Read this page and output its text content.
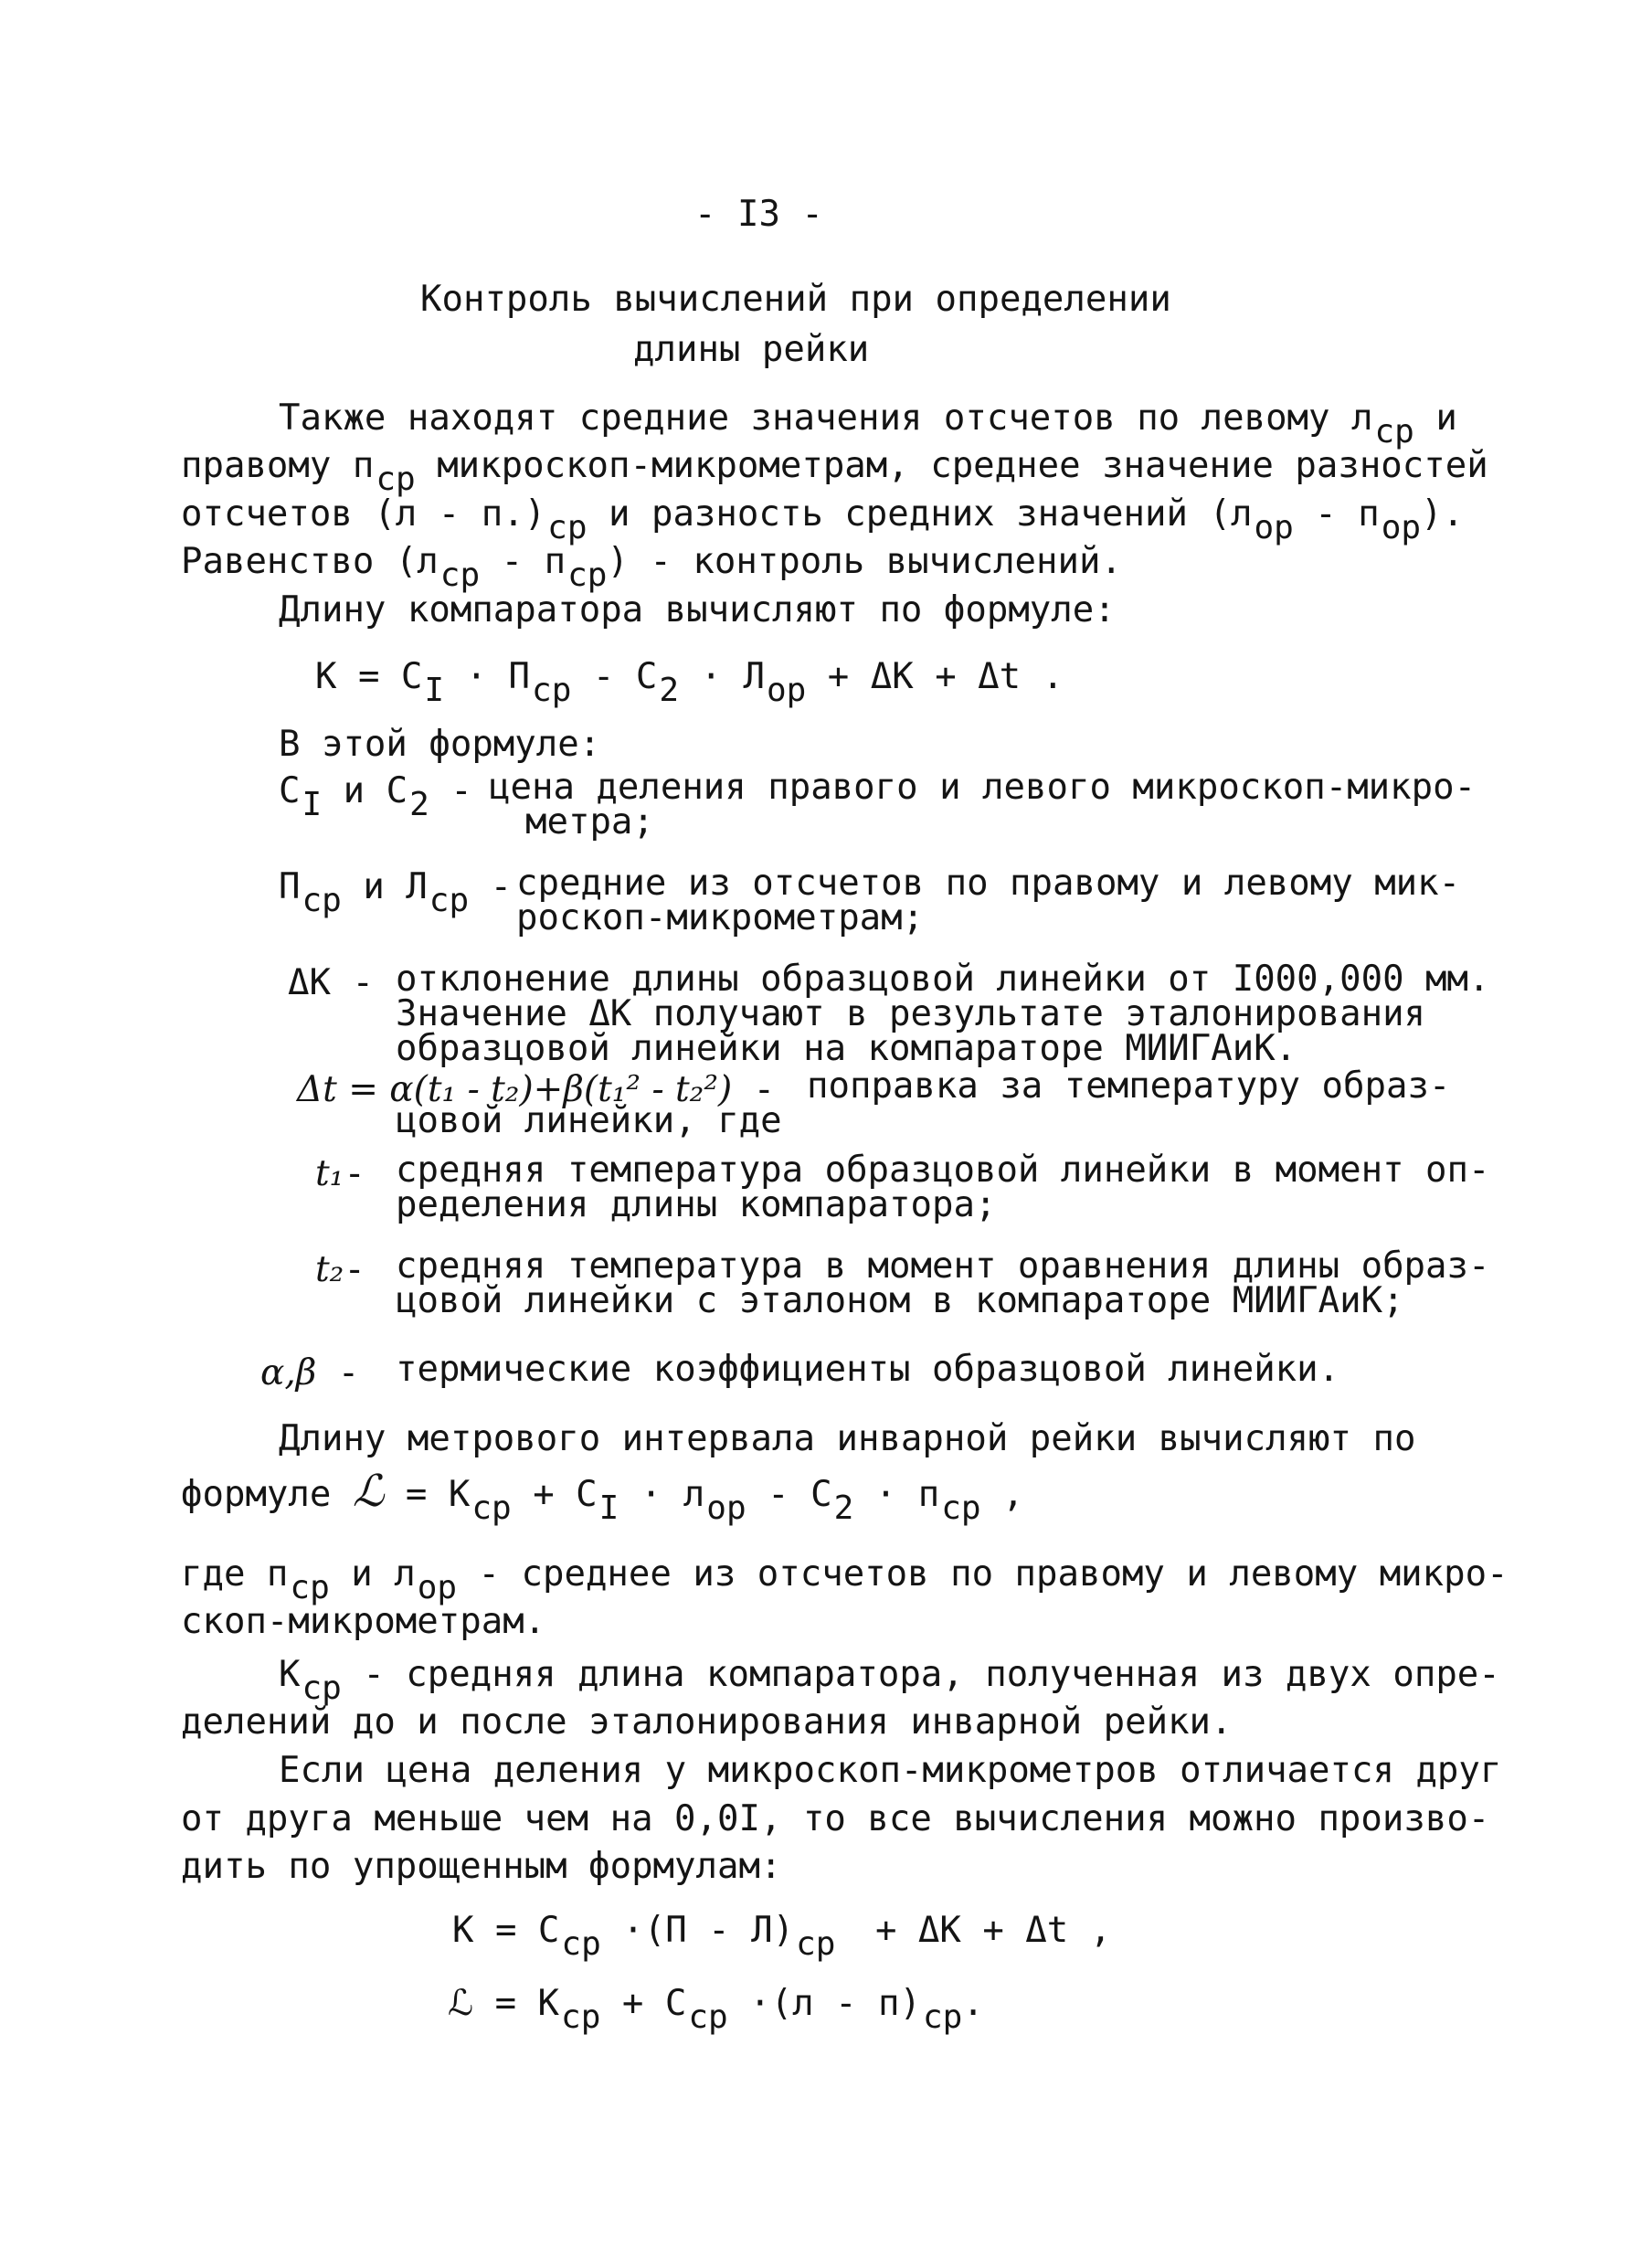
- I3 -
Контроль вычислений при определении
длины рейки
Также находят средние значения отсчетов по левому лср и
правому пср микроскоп-микрометрам, среднее значение разностей
отсчетов (л - п.)ср и разность средних значений (лор - пор).
Равенство (лср - пср) - контроль вычислений.
Длину компаратора вычисляют по формуле:
К = СI · Пср - С2 · Лор + ΔК + Δt .
В этой формуле:
СI и С2 - цена деления правого и левого микроскоп-микро-
метра;
Пср и Лср - средние из отсчетов по правому и левому мик-
роскоп-микрометрам;
ΔК - отклонение длины образцовой линейки от I000,000 мм.
Значение ΔК получают в результате эталонирования
образцовой линейки на компараторе МИИГАиК.
Δt = α(t₁ - t₂)+β(t₁² - t₂²) - поправка за температуру образ-
цовой линейки, где
t₁- средняя температура образцовой линейки в момент оп-
ределения длины компаратора;
t₂- средняя температура в момент оравнения длины образ-
цовой линейки с эталоном в компараторе МИИГАиК;
α,β - термические коэффициенты образцовой линейки.
Длину метрового интервала инварной рейки вычисляют по
формуле ℒ = Кср + СI · лор - С2 · пср ,
где пср и лор - среднее из отсчетов по правому и левому микро-
скоп-микрометрам.
Кср - средняя длина компаратора, полученная из двух опре-
делений до и после эталонирования инварной рейки.
Если цена деления у микроскоп-микрометров отличается друг
от друга меньше чем на 0,0I, то все вычисления можно произво-
дить по упрощенным формулам:
К = Сср ·(П - Л)ср + ΔК + Δt ,
ℒ = Кср + Сср ·(л - п)ср.
